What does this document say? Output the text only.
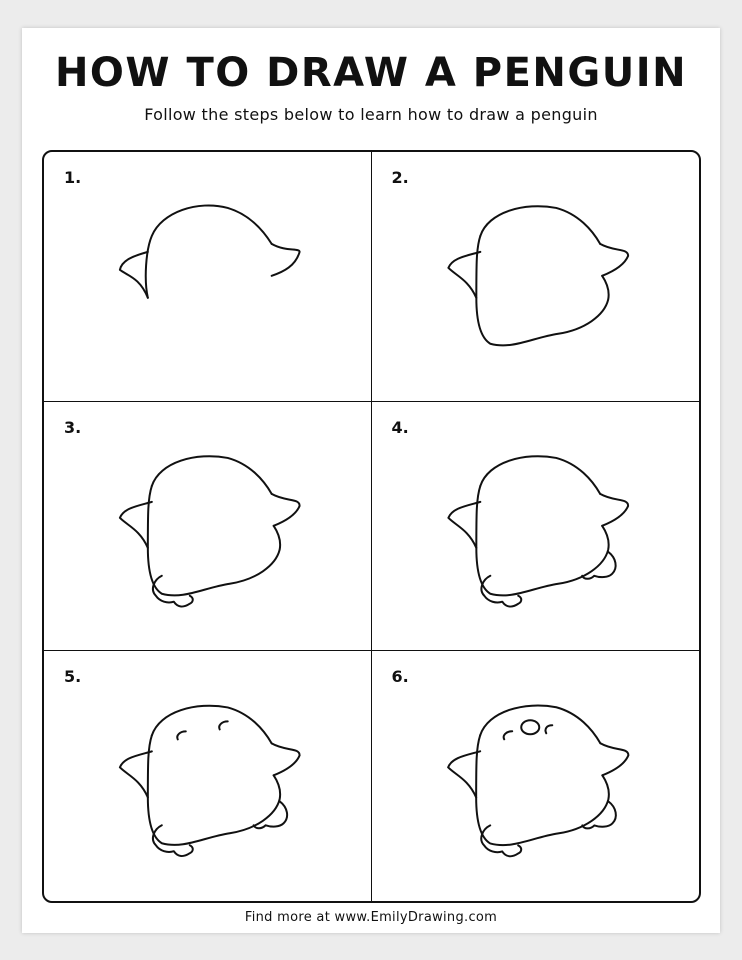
HOW TO DRAW A PENGUIN
Follow the steps below to learn how to draw a penguin
1.	2.
3.	4.
5.	6.
Find more at www.EmilyDrawing.com
